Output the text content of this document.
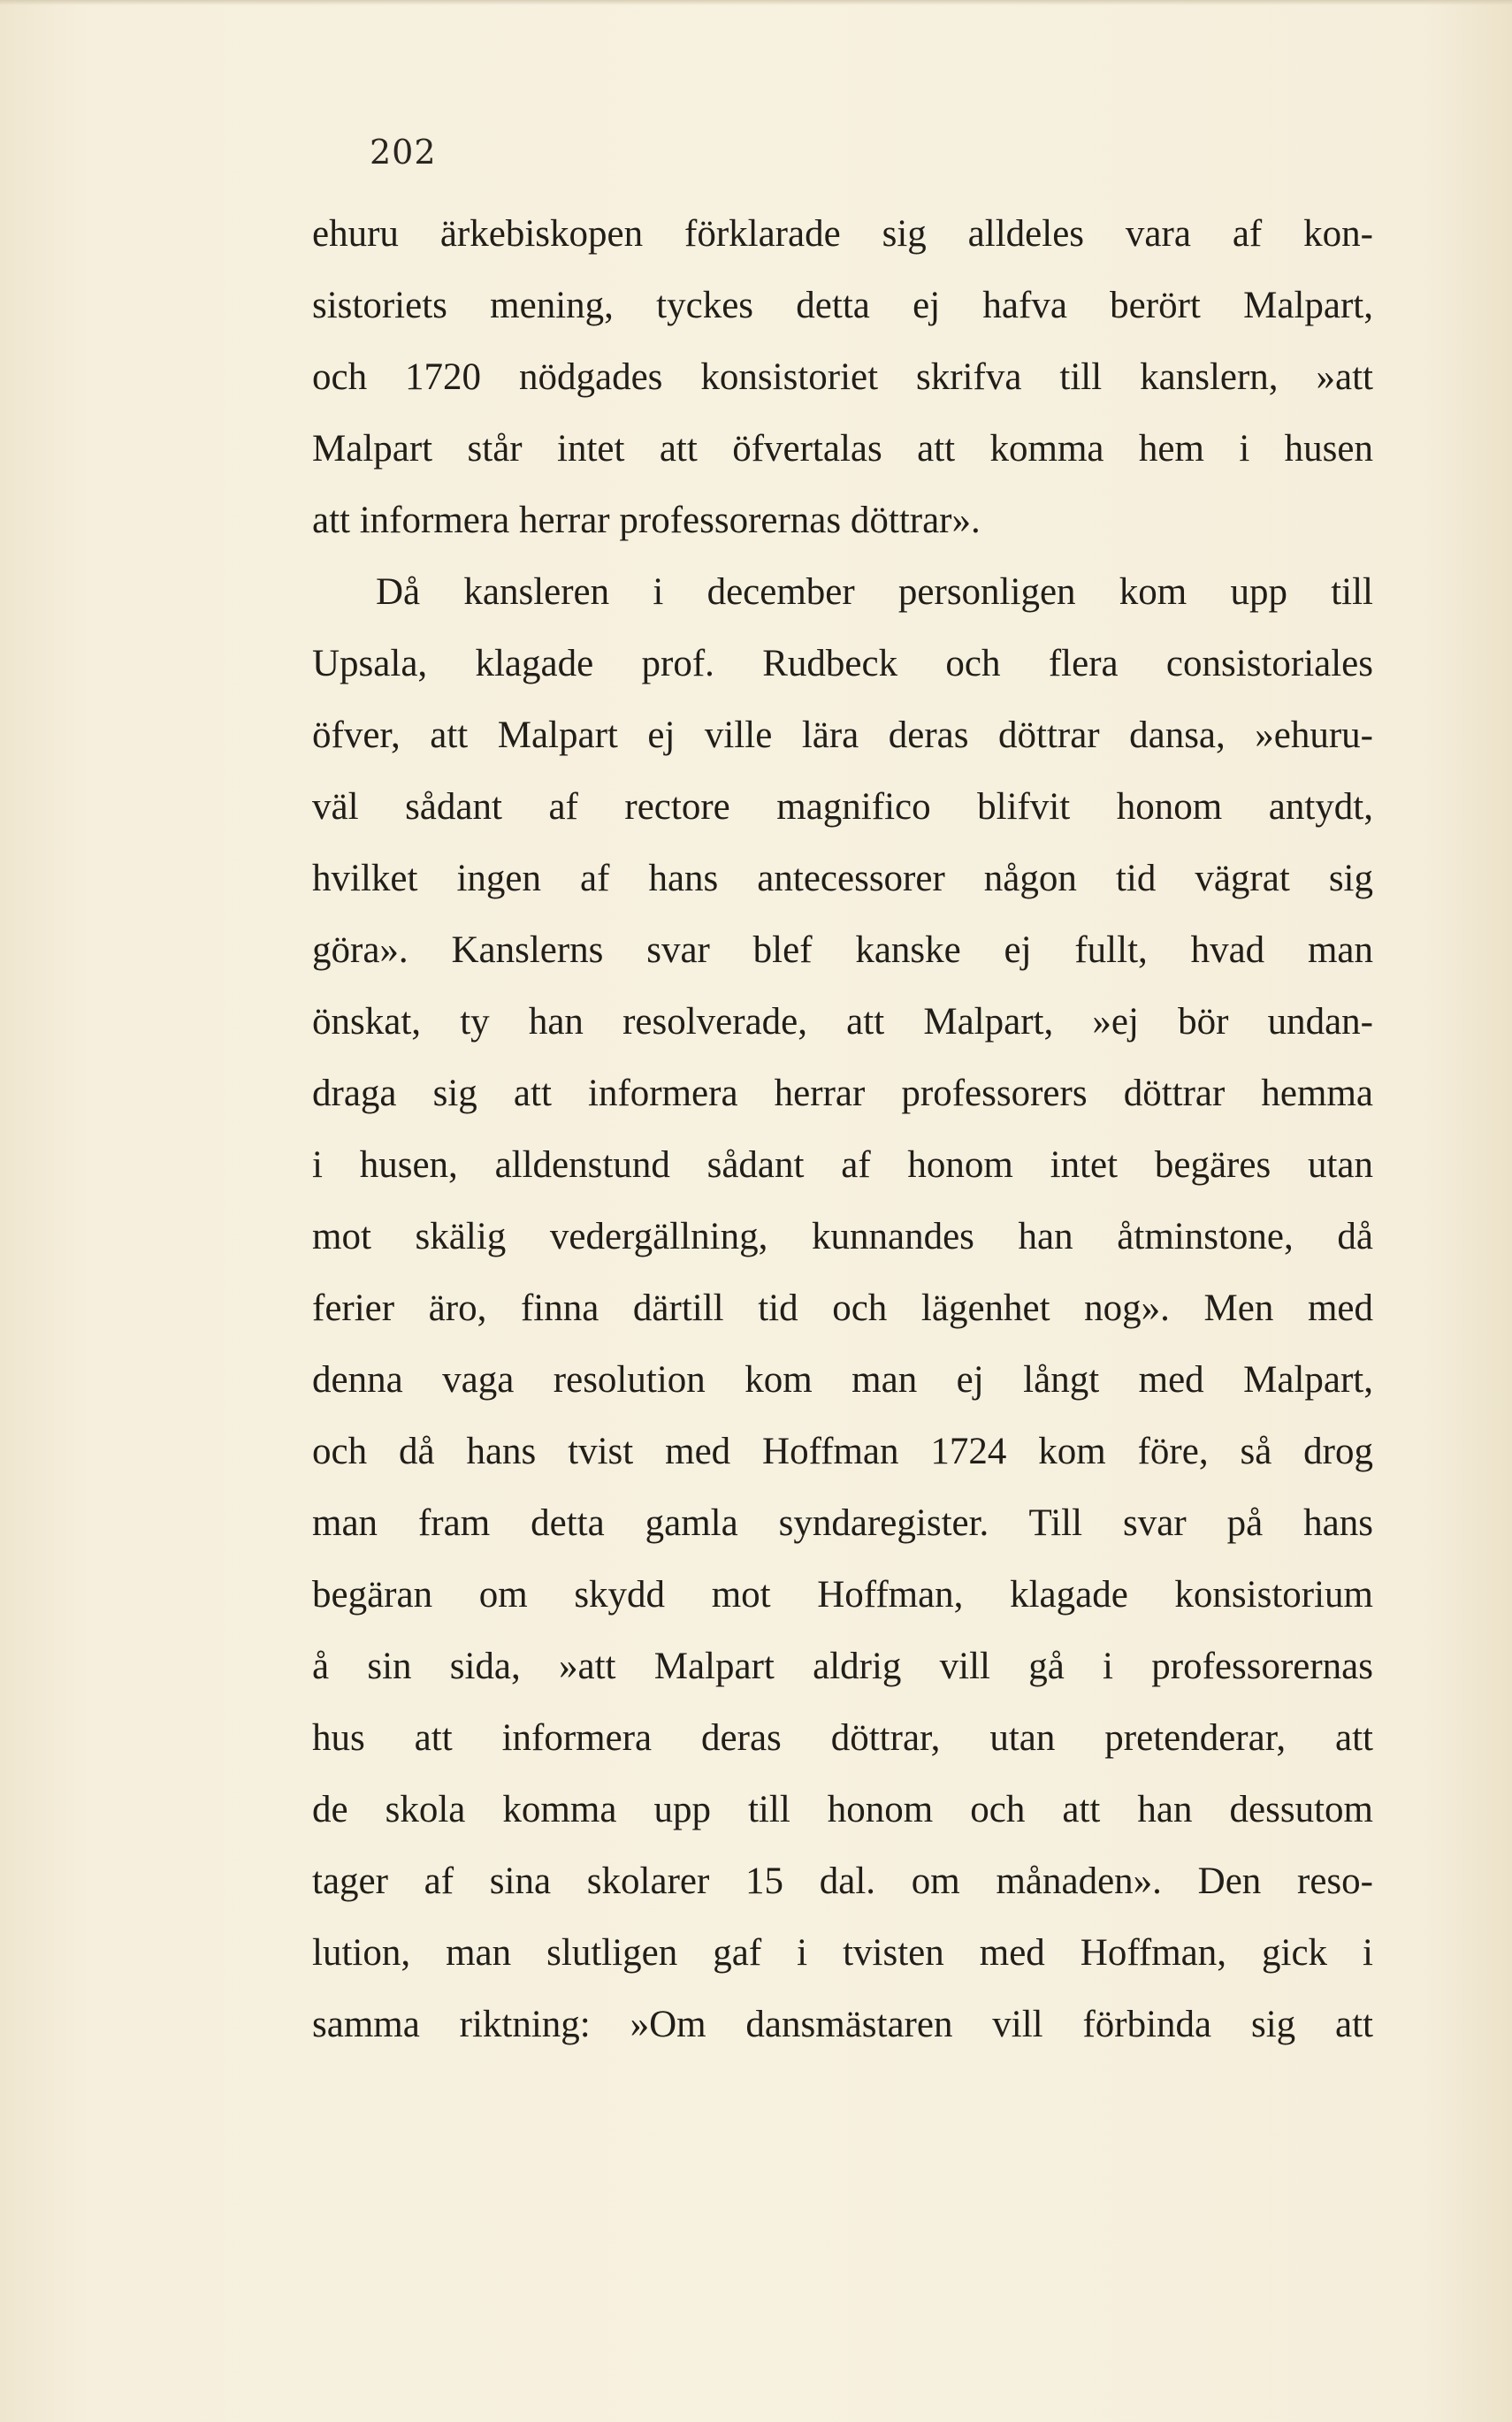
202
ehuru ärkebiskopen förklarade sig alldeles vara af kon-
sistoriets mening, tyckes detta ej hafva berört Malpart,
och 1720 nödgades konsistoriet skrifva till kanslern, »att
Malpart står intet att öfvertalas att komma hem i husen
att informera herrar professorernas döttrar».
Då kansleren i december personligen kom upp till
Upsala, klagade prof. Rudbeck och flera consistoriales
öfver, att Malpart ej ville lära deras döttrar dansa, »ehuru-
väl sådant af rectore magnifico blifvit honom antydt,
hvilket ingen af hans antecessorer någon tid vägrat sig
göra». Kanslerns svar blef kanske ej fullt, hvad man
önskat, ty han resolverade, att Malpart, »ej bör undan-
draga sig att informera herrar professorers döttrar hemma
i husen, alldenstund sådant af honom intet begäres utan
mot skälig vedergällning, kunnandes han åtminstone, då
ferier äro, finna därtill tid och lägenhet nog». Men med
denna vaga resolution kom man ej långt med Malpart,
och då hans tvist med Hoffman 1724 kom före, så drog
man fram detta gamla syndaregister. Till svar på hans
begäran om skydd mot Hoffman, klagade konsistorium
å sin sida, »att Malpart aldrig vill gå i professorernas
hus att informera deras döttrar, utan pretenderar, att
de skola komma upp till honom och att han dessutom
tager af sina skolarer 15 dal. om månaden». Den reso-
lution, man slutligen gaf i tvisten med Hoffman, gick i
samma riktning: »Om dansmästaren vill förbinda sig att
